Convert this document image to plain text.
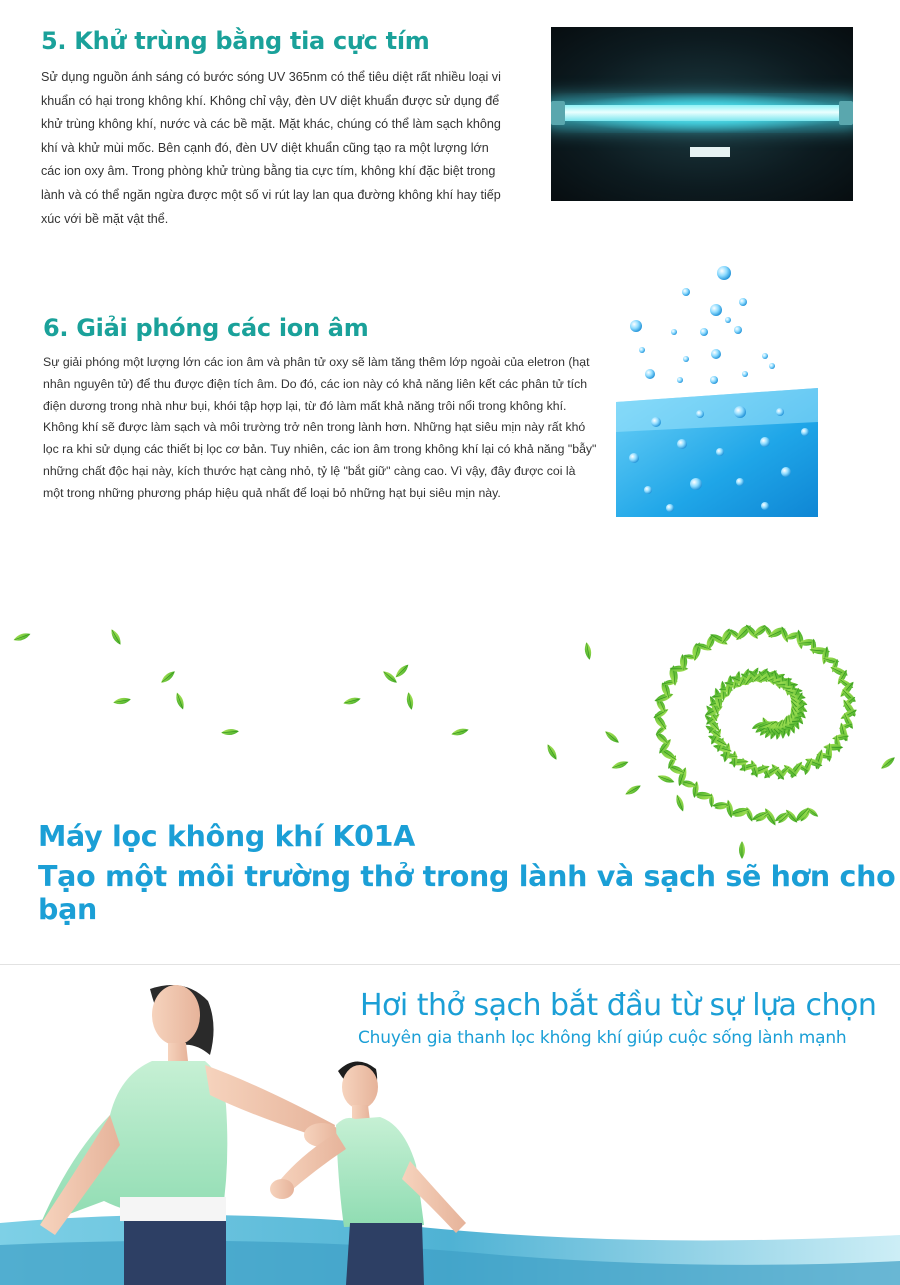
5. Khử trùng bằng tia cực tím

Sử dụng nguồn ánh sáng có bước sóng UV 365nm có thể tiêu diệt rất nhiều loại vi khuẩn có hại trong không khí. Không chỉ vậy, đèn UV diệt khuẩn được sử dụng để khử trùng không khí, nước và các bề mặt. Mặt khác, chúng có thể làm sạch không khí và khử mùi mốc. Bên cạnh đó, đèn UV diệt khuẩn cũng tạo ra một lượng lớn các ion oxy âm. Trong phòng khử trùng bằng tia cực tím, không khí đặc biệt trong lành và có thể ngăn ngừa được một số vi rút lay lan qua đường không khí hay tiếp xúc với bề mặt vật thể.

6. Giải phóng các ion âm

Sự giải phóng một lượng lớn các ion âm và phân tử oxy sẽ làm tăng thêm lớp ngoài của eletron (hạt nhân nguyên tử) để thu được điện tích âm. Do đó, các ion này có khả năng liên kết các phân tử tích điện dương trong nhà như bụi, khói tập hợp lại, từ đó làm mất khả năng trôi nổi trong không khí. Không khí sẽ được làm sạch và môi trường trở nên trong lành hơn. Những hạt siêu mịn này rất khó lọc ra khi sử dụng các thiết bị lọc cơ bản. Tuy nhiên, các ion âm trong không khí lại có khả năng "bẫy" những chất độc hại này, kích thước hạt càng nhỏ, tỷ lệ "bắt giữ" càng cao. Vì vậy, đây được coi là một trong những phương pháp hiệu quả nhất để loại bỏ những hạt bụi siêu mịn này.

Máy lọc không khí K01A
Tạo một môi trường thở trong lành và sạch sẽ hơn cho bạn
Hơi thở sạch bắt đầu từ sự lựa chọn
Chuyên gia thanh lọc không khí giúp cuộc sống lành mạnh
